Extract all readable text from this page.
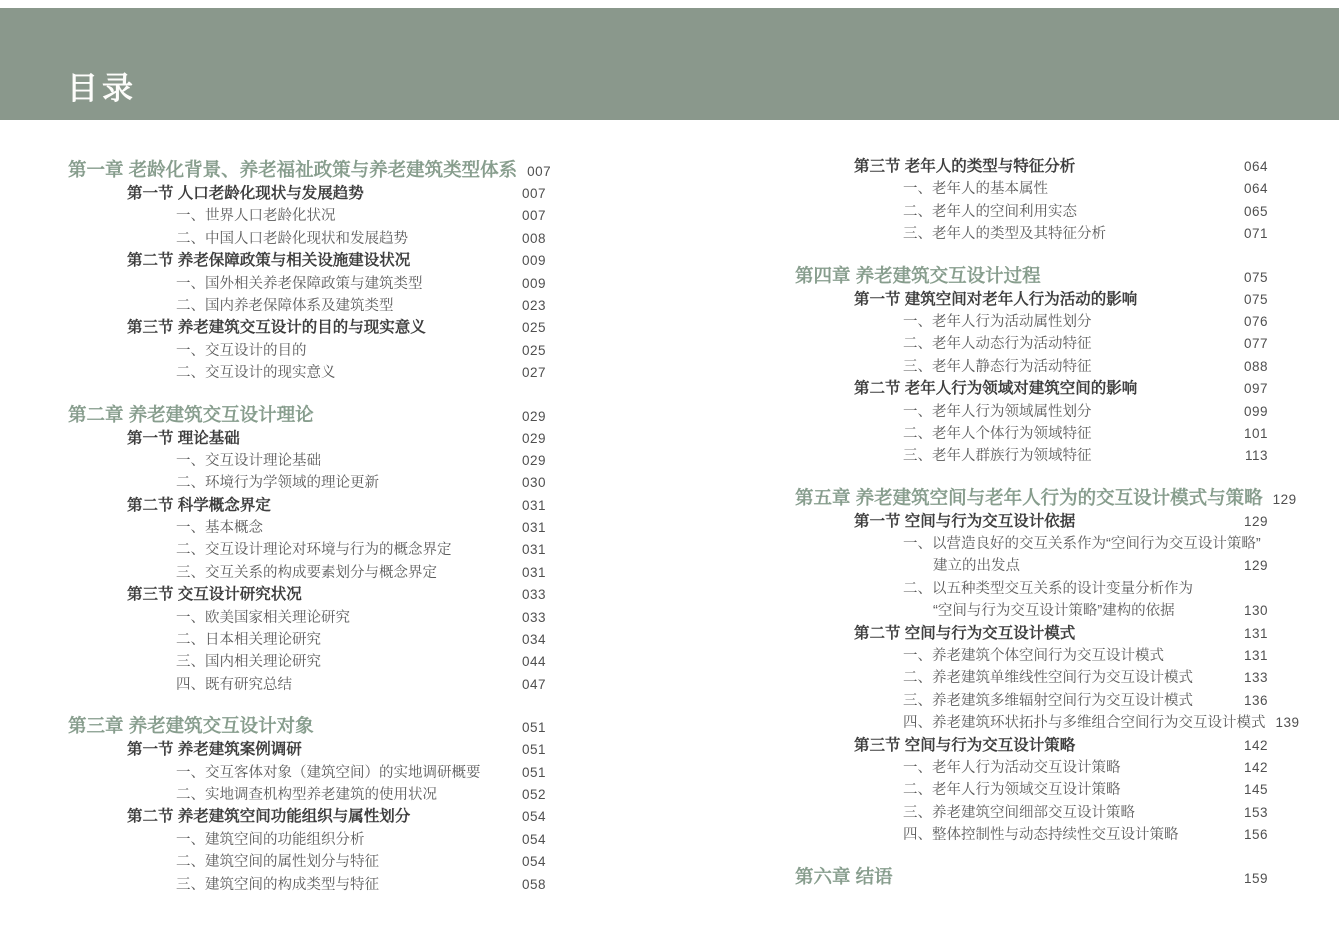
目录
第一章 老龄化背景、养老福祉政策与养老建筑类型体系 007
第一节 人口老龄化现状与发展趋势	007
一、世界人口老龄化状况	007
二、中国人口老龄化现状和发展趋势	008
第二节 养老保障政策与相关设施建设状况	009
一、国外相关养老保障政策与建筑类型	009
二、国内养老保障体系及建筑类型	023
第三节 养老建筑交互设计的目的与现实意义	025
一、交互设计的目的	025
二、交互设计的现实意义	027
第二章 养老建筑交互设计理论	029
第一节 理论基础	029
一、交互设计理论基础	029
二、环境行为学领域的理论更新	030
第二节 科学概念界定	031
一、基本概念	031
二、交互设计理论对环境与行为的概念界定	031
三、交互关系的构成要素划分与概念界定	031
第三节 交互设计研究状况	033
一、欧美国家相关理论研究	033
二、日本相关理论研究	034
三、国内相关理论研究	044
四、既有研究总结	047
第三章 养老建筑交互设计对象	051
第一节 养老建筑案例调研	051
一、交互客体对象（建筑空间）的实地调研概要	051
二、实地调查机构型养老建筑的使用状况	052
第二节 养老建筑空间功能组织与属性划分	054
一、建筑空间的功能组织分析	054
二、建筑空间的属性划分与特征	054
三、建筑空间的构成类型与特征	058
第三节 老年人的类型与特征分析	064
一、老年人的基本属性	064
二、老年人的空间利用实态	065
三、老年人的类型及其特征分析	071
第四章 养老建筑交互设计过程	075
第一节 建筑空间对老年人行为活动的影响	075
一、老年人行为活动属性划分	076
二、老年人动态行为活动特征	077
三、老年人静态行为活动特征	088
第二节 老年人行为领域对建筑空间的影响	097
一、老年人行为领域属性划分	099
二、老年人个体行为领域特征	101
三、老年人群族行为领域特征	113
第五章 养老建筑空间与老年人行为的交互设计模式与策略 129
第一节 空间与行为交互设计依据	129
一、以营造良好的交互关系作为“空间行为交互设计策略”
建立的出发点	129
二、以五种类型交互关系的设计变量分析作为
“空间与行为交互设计策略”建构的依据	130
第二节 空间与行为交互设计模式	131
一、养老建筑个体空间行为交互设计模式	131
二、养老建筑单维线性空间行为交互设计模式	133
三、养老建筑多维辐射空间行为交互设计模式	136
四、养老建筑环状拓扑与多维组合空间行为交互设计模式 139
第三节 空间与行为交互设计策略	142
一、老年人行为活动交互设计策略	142
二、老年人行为领域交互设计策略	145
三、养老建筑空间细部交互设计策略	153
四、整体控制性与动态持续性交互设计策略	156
第六章 结语	159
